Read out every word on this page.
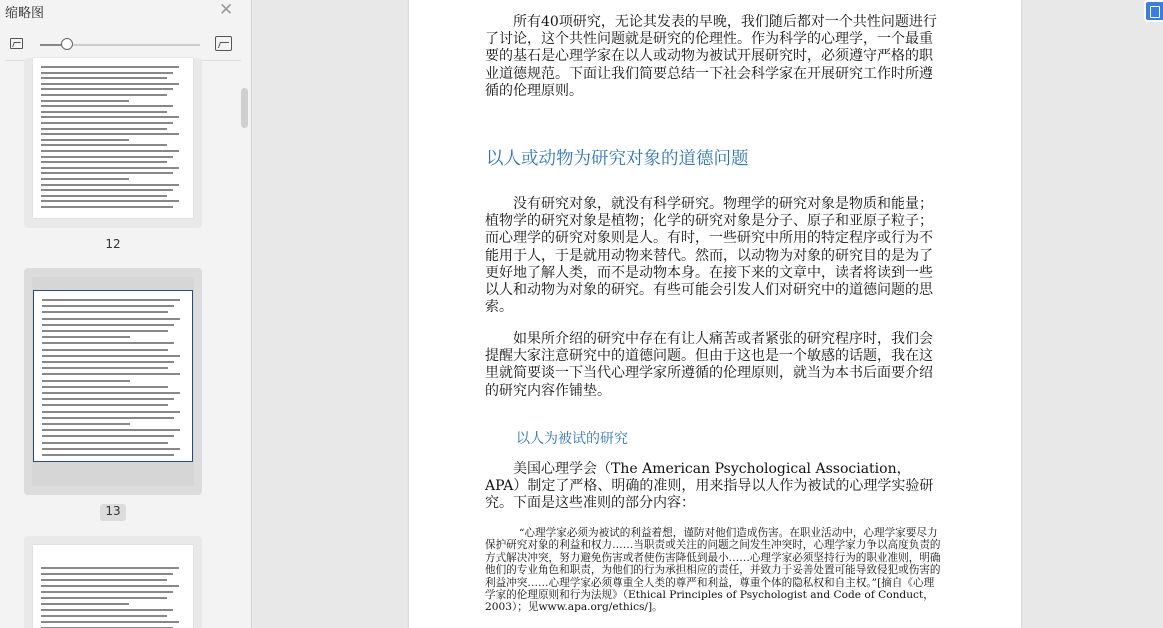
缩略图	✕
12
13

所有40项研究，无论其发表的早晚，我们随后都对一个共性问题进行了讨论，这个共性问题就是研究的伦理性。作为科学的心理学，一个最重要的基石是心理学家在以人或动物为被试开展研究时，必须遵守严格的职业道德规范。下面让我们简要总结一下社会科学家在开展研究工作时所遵循的伦理原则。

以人或动物为研究对象的道德问题

没有研究对象，就没有科学研究。物理学的研究对象是物质和能量；植物学的研究对象是植物；化学的研究对象是分子、原子和亚原子粒子；而心理学的研究对象则是人。有时，一些研究中所用的特定程序或行为不能用于人，于是就用动物来替代。然而，以动物为对象的研究目的是为了更好地了解人类，而不是动物本身。在接下来的文章中，读者将读到一些以人和动物为对象的研究。有些可能会引发人们对研究中的道德问题的思索。

如果所介绍的研究中存在有让人痛苦或者紧张的研究程序时，我们会提醒大家注意研究中的道德问题。但由于这也是一个敏感的话题，我在这里就简要谈一下当代心理学家所遵循的伦理原则，就当为本书后面要介绍的研究内容作铺垫。

以人为被试的研究

美国心理学会（The American Psychological Association，APA）制定了严格、明确的准则，用来指导以人作为被试的心理学实验研究。下面是这些准则的部分内容：

“心理学家必须为被试的利益着想，谨防对他们造成伤害。在职业活动中，心理学家要尽力保护研究对象的利益和权力……当职责或关注的问题之间发生冲突时，心理学家力争以高度负责的方式解决冲突，努力避免伤害或者使伤害降低到最小……心理学家必须坚持行为的职业准则，明确他们的专业角色和职责，为他们的行为承担相应的责任，并致力于妥善处置可能导致侵犯或伤害的利益冲突……心理学家必须尊重全人类的尊严和利益，尊重个体的隐私权和自主权。”[摘自《心理学家的伦理原则和行为法规》（Ethical Principles of Psychologist and Code of Conduct，2003）；见www.apa.org/ethics/]。
